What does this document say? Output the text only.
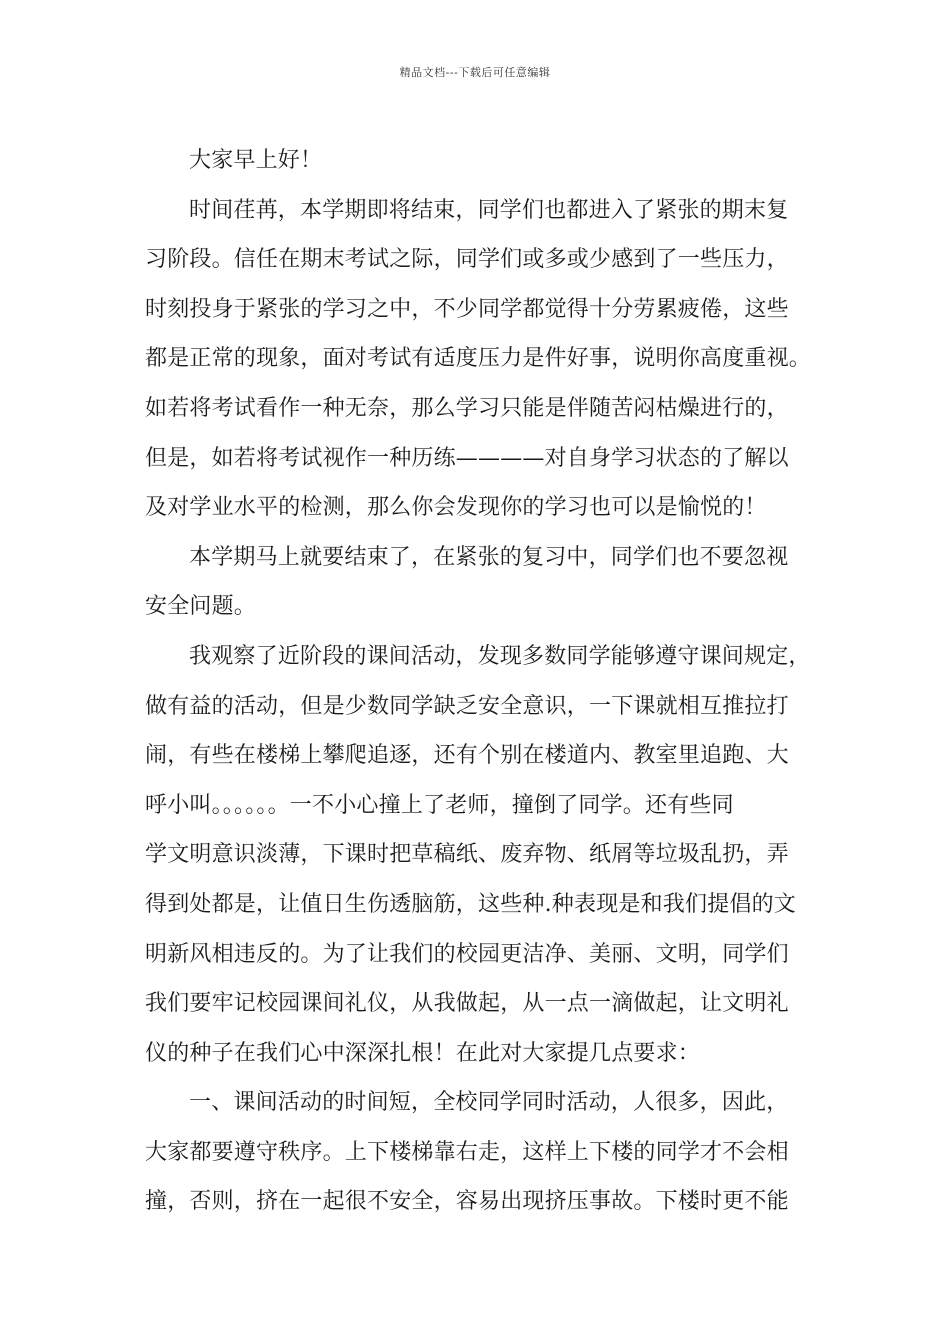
精品文档---下载后可任意编辑
大家早上好！
时间荏苒，本学期即将结束，同学们也都进入了紧张的期末复
习阶段。信任在期末考试之际，同学们或多或少感到了一些压力，
时刻投身于紧张的学习之中，不少同学都觉得十分劳累疲倦，这些
都是正常的现象，面对考试有适度压力是件好事，说明你高度重视。
如若将考试看作一种无奈，那么学习只能是伴随苦闷枯燥进行的，
但是，如若将考试视作一种历练————对自身学习状态的了解以
及对学业水平的检测，那么你会发现你的学习也可以是愉悦的！
本学期马上就要结束了，在紧张的复习中，同学们也不要忽视
安全问题。
我观察了近阶段的课间活动，发现多数同学能够遵守课间规定，
做有益的活动，但是少数同学缺乏安全意识，一下课就相互推拉打
闹，有些在楼梯上攀爬追逐，还有个别在楼道内、教室里追跑、大
呼小叫。。。。。。一不小心撞上了老师，撞倒了同学。还有些同
学文明意识淡薄，下课时把草稿纸、废弃物、纸屑等垃圾乱扔，弄
得到处都是，让值日生伤透脑筋，这些种.种表现是和我们提倡的文
明新风相违反的。为了让我们的校园更洁净、美丽、文明，同学们
我们要牢记校园课间礼仪，从我做起，从一点一滴做起，让文明礼
仪的种子在我们心中深深扎根！在此对大家提几点要求：
一、课间活动的时间短，全校同学同时活动，人很多，因此，
大家都要遵守秩序。上下楼梯靠右走，这样上下楼的同学才不会相
撞，否则，挤在一起很不安全，容易出现挤压事故。下楼时更不能
